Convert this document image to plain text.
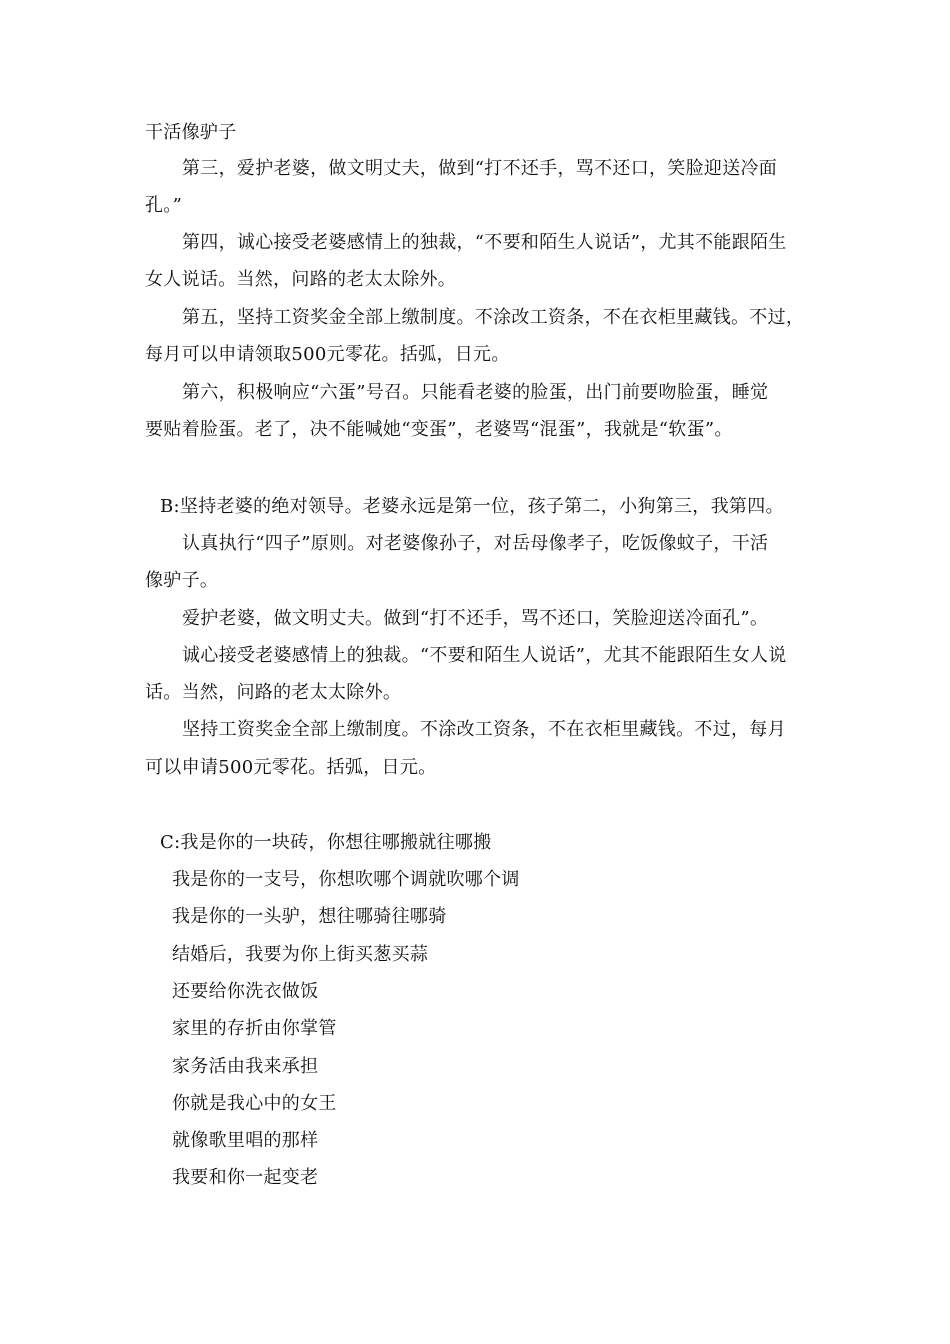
干活像驴子

第三，爱护老婆，做文明丈夫，做到“打不还手，骂不还口，笑脸迎送冷面

孔。”

第四，诚心接受老婆感情上的独裁，“不要和陌生人说话”，尤其不能跟陌生

女人说话。当然，问路的老太太除外。

第五，坚持工资奖金全部上缴制度。不涂改工资条，不在衣柜里藏钱。不过，

每月可以申请领取500元零花。括弧，日元。

第六，积极响应“六蛋”号召。只能看老婆的脸蛋，出门前要吻脸蛋，睡觉

要贴着脸蛋。老了，决不能喊她“变蛋”，老婆骂“混蛋”，我就是“软蛋”。

B:坚持老婆的绝对领导。老婆永远是第一位，孩子第二，小狗第三，我第四。

认真执行“四子”原则。对老婆像孙子，对岳母像孝子，吃饭像蚊子，干活

像驴子。

爱护老婆，做文明丈夫。做到“打不还手，骂不还口，笑脸迎送冷面孔”。

诚心接受老婆感情上的独裁。“不要和陌生人说话”，尤其不能跟陌生女人说

话。当然，问路的老太太除外。

坚持工资奖金全部上缴制度。不涂改工资条，不在衣柜里藏钱。不过，每月

可以申请500元零花。括弧，日元。

C:我是你的一块砖，你想往哪搬就往哪搬

我是你的一支号，你想吹哪个调就吹哪个调

我是你的一头驴，想往哪骑往哪骑

结婚后，我要为你上街买葱买蒜

还要给你洗衣做饭

家里的存折由你掌管

家务活由我来承担

你就是我心中的女王

就像歌里唱的那样

我要和你一起变老
